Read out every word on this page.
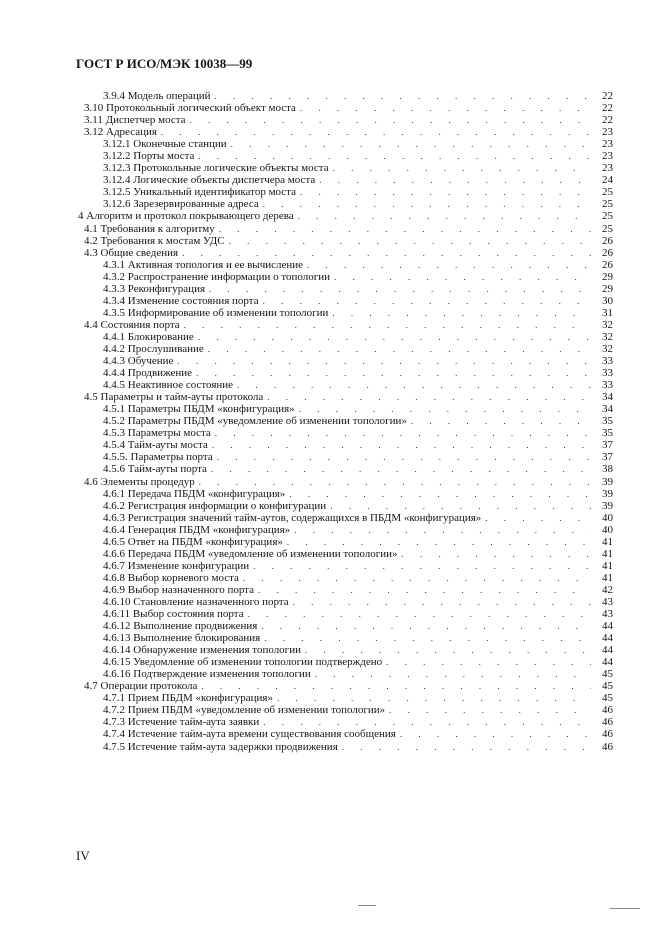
ГОСТ Р ИСО/МЭК 10038—99
3.9.4 Модель операций . . .	22
3.10 Протокольный логический объект моста . . .	22
3.11 Диспетчер моста . . .	22
3.12 Адресация . . .	23
3.12.1 Оконечные станции . . .	23
3.12.2 Порты моста . . .	23
3.12.3 Протокольные логические объекты моста . . .	23
3.12.4 Логические объекты диспетчера моста . . .	24
3.12.5 Уникальный идентификатор моста . . .	25
3.12.6 Зарезервированные адреса . . .	25
4 Алгоритм и протокол покрывающего дерева . . .	25
4.1 Требования к алгоритму . . .	25
4.2 Требования к мостам УДС . . .	26
4.3 Общие сведения . . .	26
4.3.1 Активная топология и ее вычисление . . .	26
4.3.2 Распространение информации о топологии . . .	29
4.3.3 Реконфигурация . . .	29
4.3.4 Изменение состояния порта . . .	30
4.3.5 Информирование об изменении топологии . . .	31
4.4 Состояния порта . . .	32
4.4.1 Блокирование . . .	32
4.4.2 Прослушивание . . .	32
4.4.3 Обучение . . .	33
4.4.4 Продвижение . . .	33
4.4.5 Неактивное состояние . . .	33
4.5 Параметры и тайм-ауты протокола . . .	34
4.5.1 Параметры ПБДМ «конфигурация» . . .	34
4.5.2 Параметры ПБДМ «уведомление об изменении топологии» . . .	35
4.5.3 Параметры моста . . .	35
4.5.4 Тайм-ауты моста . . .	37
4.5.5. Параметры порта . . .	37
4.5.6 Тайм-ауты порта . . .	38
4.6 Элементы процедур . . .	39
4.6.1 Передача ПБДМ «конфигурация» . . .	39
4.6.2 Регистрация информации о конфигурации . . .	39
4.6.3 Регистрация значений тайм-аутов, содержащихся в ПБДМ «конфигурация» . . .	40
4.6.4 Генерация ПБДМ «конфигурация» . . .	40
4.6.5 Ответ на ПБДМ «конфигурация» . . .	41
4.6.6 Передача ПБДМ «уведомление об изменении топологии» . . .	41
4.6.7 Изменение конфигурации . . .	41
4.6.8 Выбор корневого моста . . .	41
4.6.9 Выбор назначенного порта . . .	42
4.6.10 Становление назначенного порта . . .	43
4.6.11 Выбор состояния порта . . .	43
4.6.12 Выполнение продвижения . . .	44
4.6.13 Выполнение блокирования . . .	44
4.6.14 Обнаружение изменения топологии . . .	44
4.6.15 Уведомление об изменении топологии подтверждено . . .	44
4.6.16 Подтверждение изменения топологии . . .	45
4.7 Операции протокола . . .	45
4.7.1 Прием ПБДМ «конфигурация» . . .	45
4.7.2 Прием ПБДМ «уведомление об изменении топологии» . . .	46
4.7.3 Истечение тайм-аута заявки . . .	46
4.7.4 Истечение тайм-аута времени существования сообщения . . .	46
4.7.5 Истечение тайм-аута задержки продвижения . . .	46
IV
